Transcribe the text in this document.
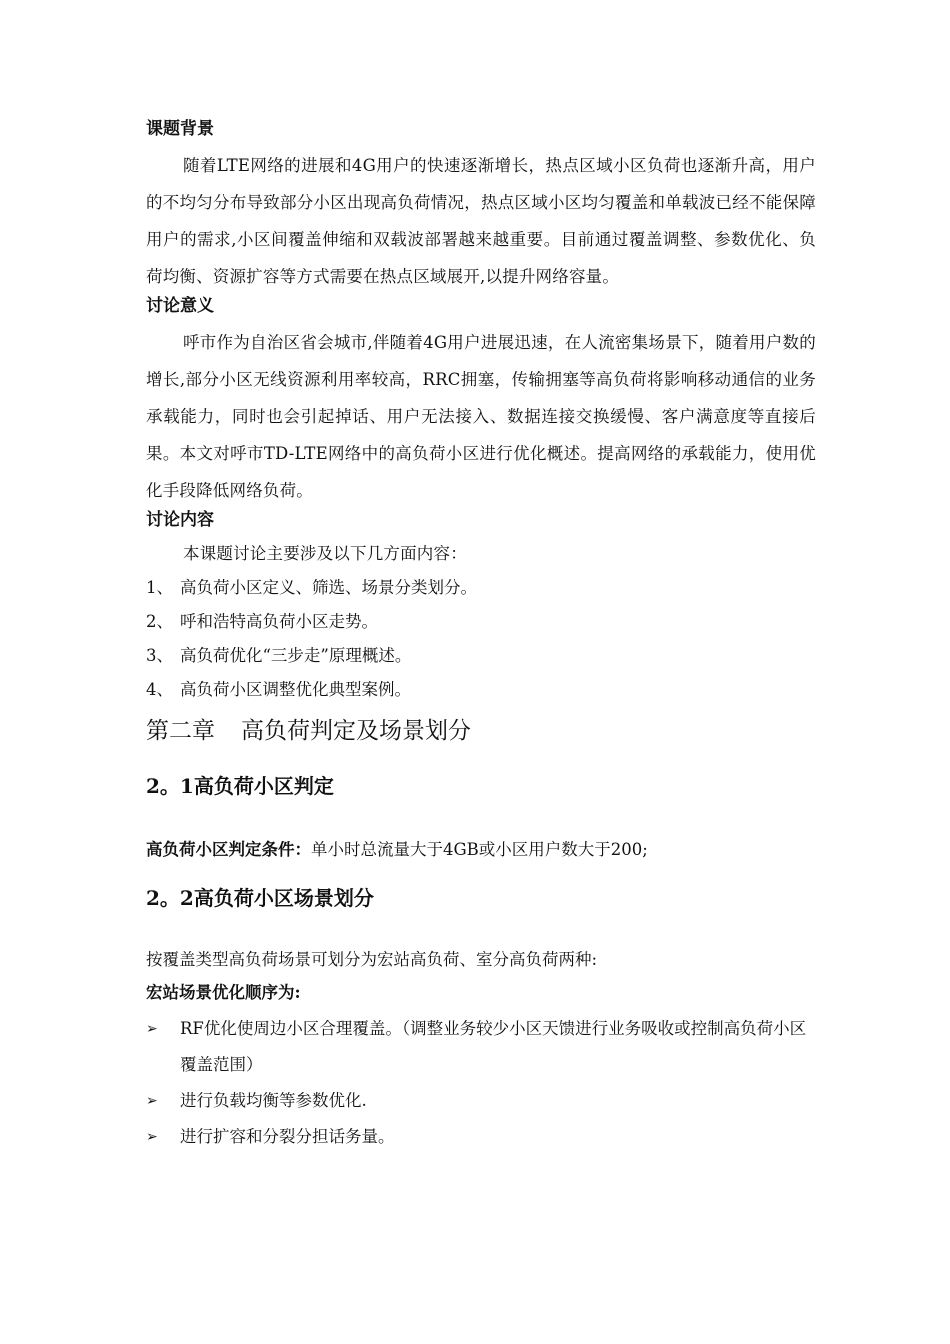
课题背景

随着LTE网络的进展和4G用户的快速逐渐增长，热点区域小区负荷也逐渐升高，用户的不均匀分布导致部分小区出现高负荷情况，热点区域小区均匀覆盖和单载波已经不能保障用户的需求,小区间覆盖伸缩和双载波部署越来越重要。目前通过覆盖调整、参数优化、负荷均衡、资源扩容等方式需要在热点区域展开,以提升网络容量。

讨论意义

呼市作为自治区省会城市,伴随着4G用户进展迅速，在人流密集场景下，随着用户数的增长,部分小区无线资源利用率较高，RRC拥塞，传输拥塞等高负荷将影响移动通信的业务承载能力，同时也会引起掉话、用户无法接入、数据连接交换缓慢、客户满意度等直接后果。本文对呼市TD-LTE网络中的高负荷小区进行优化概述。提高网络的承载能力，使用优化手段降低网络负荷。

讨论内容

本课题讨论主要涉及以下几方面内容：

1、 高负荷小区定义、筛选、场景分类划分。
2、 呼和浩特高负荷小区走势。
3、 高负荷优化“三步走”原理概述。
4、 高负荷小区调整优化典型案例。
第二章 高负荷判定及场景划分
2。1高负荷小区判定

高负荷小区判定条件：单小时总流量大于4GB或小区用户数大于200;

2。2高负荷小区场景划分

按覆盖类型高负荷场景可划分为宏站高负荷、室分高负荷两种:

宏站场景优化顺序为:

➢	RF优化使周边小区合理覆盖。（调整业务较少小区天馈进行业务吸收或控制高负荷小区覆盖范围）
➢	进行负载均衡等参数优化.
➢	进行扩容和分裂分担话务量。
